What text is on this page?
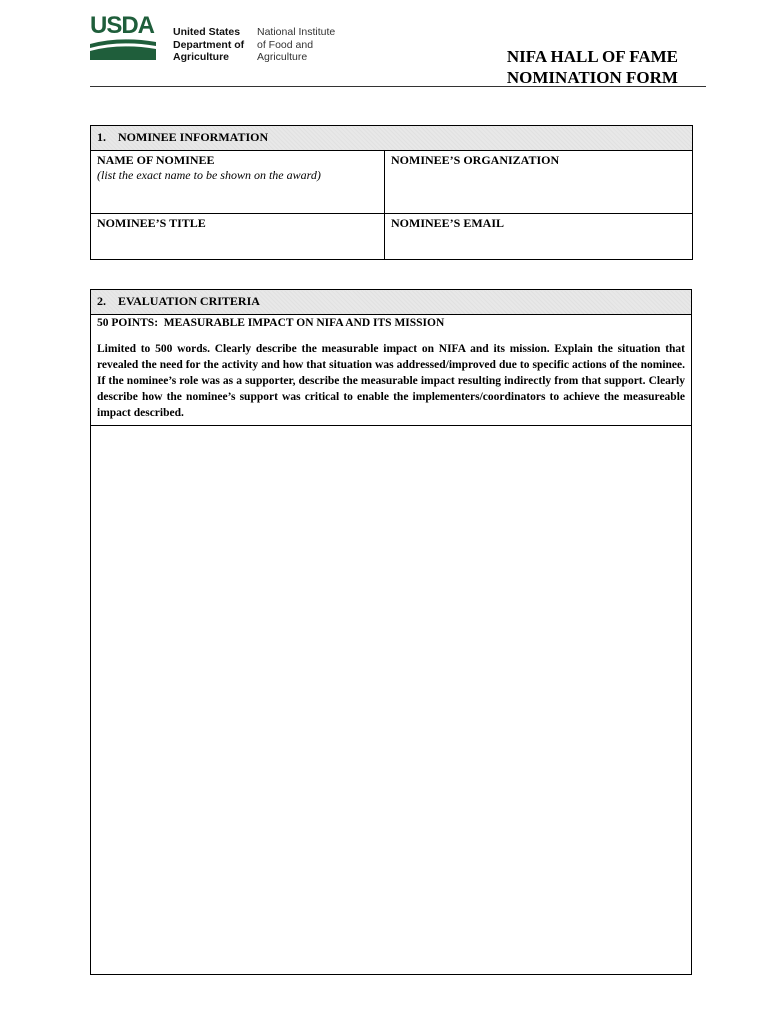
USDA United States
Department of
Agriculture
National Institute
of Food and
Agriculture	NIFA HALL OF FAME
NOMINATION FORM
1.    NOMINEE INFORMATION	

NAME OF NOMINEE
(list the exact name to be shown on the award)	NOMINEE’S ORGANIZATION

NOMINEE’S TITLE	NOMINEE’S EMAIL
2.    EVALUATION CRITERIA

50 POINTS:  MEASURABLE IMPACT ON NIFA AND ITS MISSION
Limited to 500 words. Clearly describe the measurable impact on NIFA and its mission. Explain the situation that revealed the need for the activity and how that situation was addressed/improved due to specific actions of the nominee. If the nominee’s role was as a supporter, describe the measurable impact resulting indirectly from that support. Clearly describe how the nominee’s support was critical to enable the implementers/coordinators to achieve the measureable impact described.
